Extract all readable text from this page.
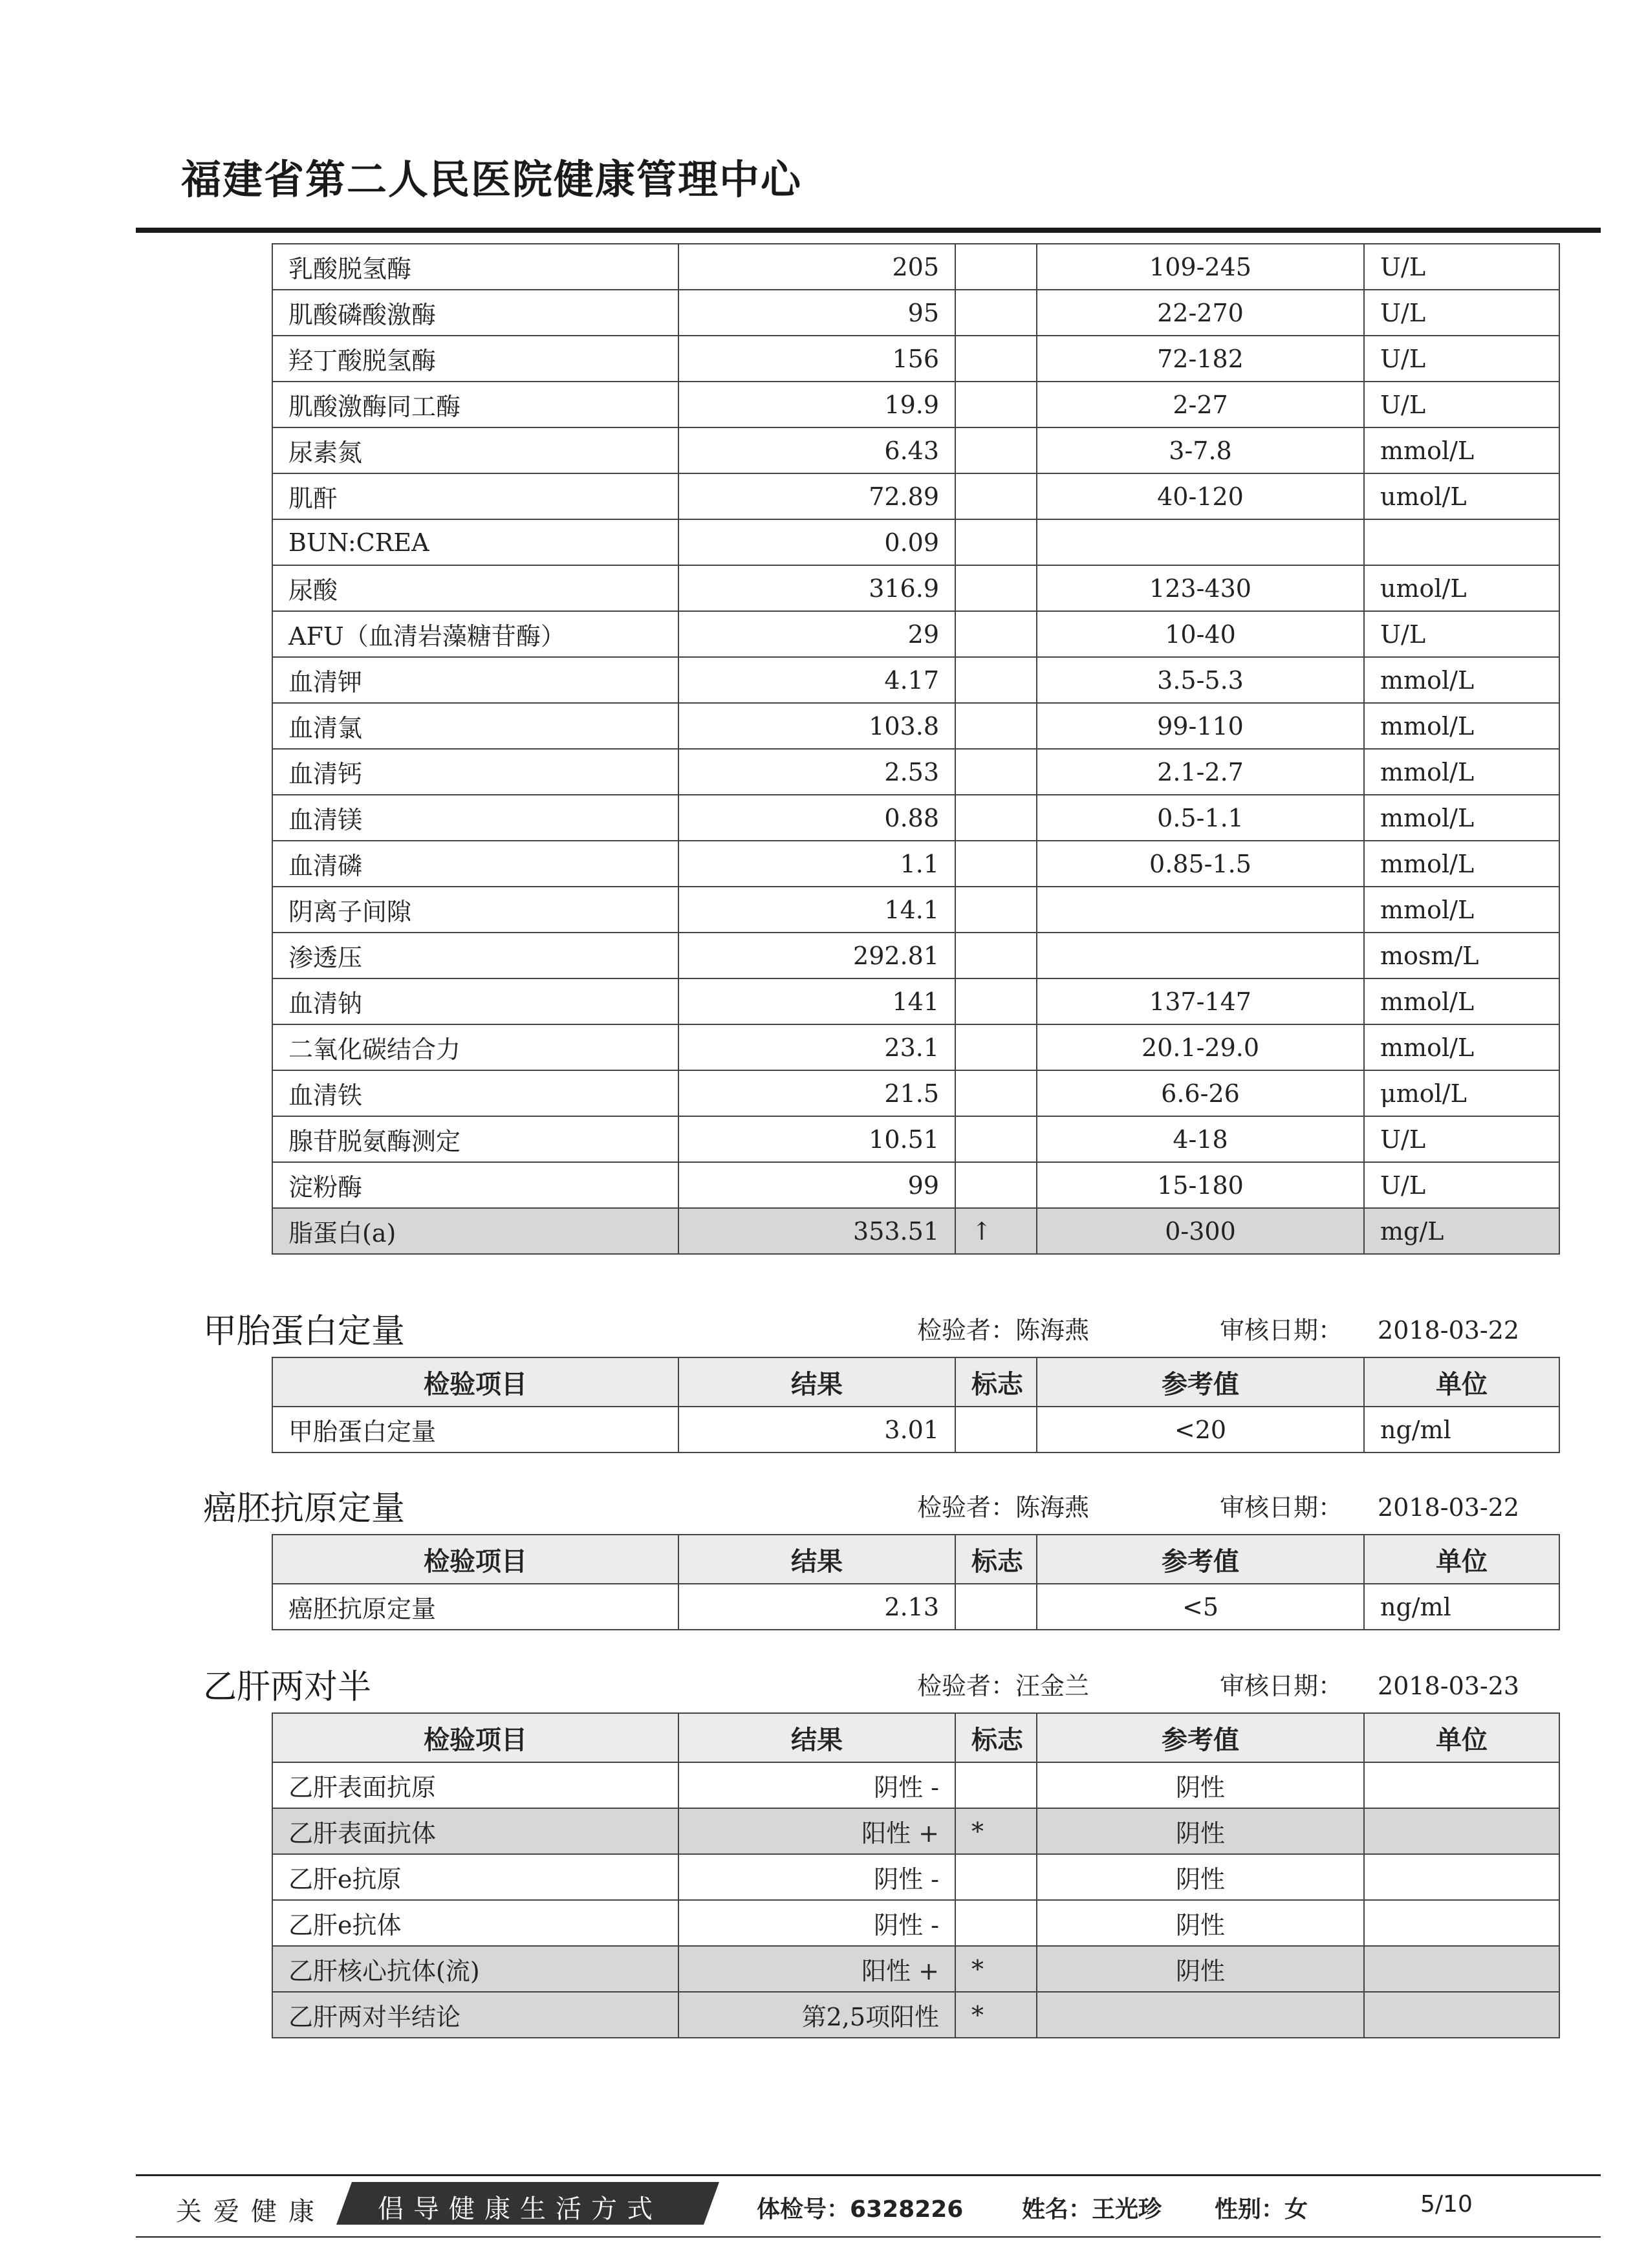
福建省第二人民医院健康管理中心
乳酸脱氢酶	205		109-245	U/L
肌酸磷酸激酶	95		22-270	U/L
羟丁酸脱氢酶	156		72-182	U/L
肌酸激酶同工酶	19.9		2-27	U/L
尿素氮	6.43		3-7.8	mmol/L
肌酐	72.89		40-120	umol/L
BUN:CREA	0.09			
尿酸	316.9		123-430	umol/L
AFU（血清岩藻糖苷酶）	29		10-40	U/L
血清钾	4.17		3.5-5.3	mmol/L
血清氯	103.8		99-110	mmol/L
血清钙	2.53		2.1-2.7	mmol/L
血清镁	0.88		0.5-1.1	mmol/L
血清磷	1.1		0.85-1.5	mmol/L
阴离子间隙	14.1			mmol/L
渗透压	292.81			mosm/L
血清钠	141		137-147	mmol/L
二氧化碳结合力	23.1		20.1-29.0	mmol/L
血清铁	21.5		6.6-26	μmol/L
腺苷脱氨酶测定	10.51		4-18	U/L
淀粉酶	99		15-180	U/L
脂蛋白(a)	353.51	↑	0-300	mg/L
甲胎蛋白定量	检验者：陈海燕	审核日期： 2018-03-22
检验项目	结果	标志	参考值	单位
甲胎蛋白定量	3.01		<20	ng/ml
癌胚抗原定量	检验者：陈海燕	审核日期： 2018-03-22
检验项目	结果	标志	参考值	单位
癌胚抗原定量	2.13		<5	ng/ml
乙肝两对半	检验者：汪金兰	审核日期： 2018-03-23
检验项目	结果	标志	参考值	单位
乙肝表面抗原	阴性 -		阴性	
乙肝表面抗体	阳性 +	*	阴性	
乙肝e抗原	阴性 -		阴性	
乙肝e抗体	阴性 -		阴性	
乙肝核心抗体(流)	阳性 +	*	阴性	
乙肝两对半结论	第2,5项阳性	*		
关爱健康 倡导健康生活方式	体检号：6328226	姓名：王光珍 性别：女	5/10
